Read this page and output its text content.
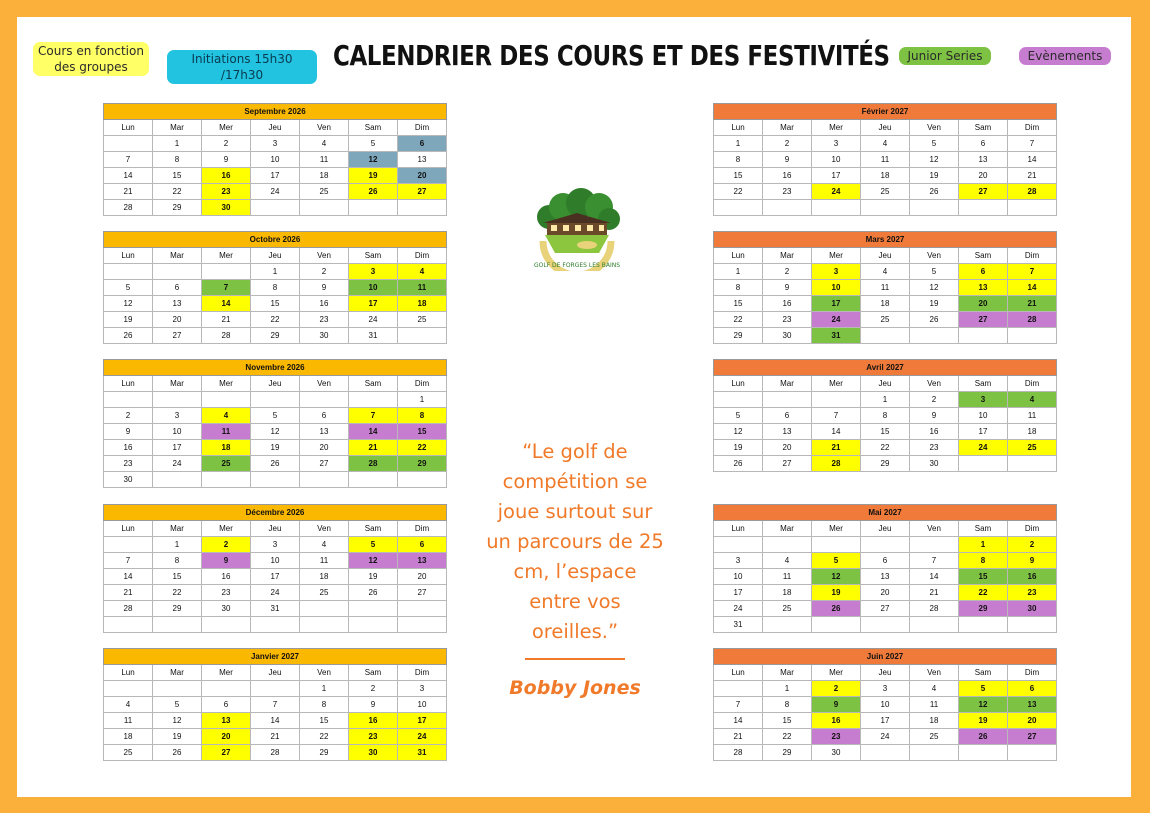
Cours en fonction des groupes
Initiations 15h30 /17h30
CALENDRIER DES COURS ET DES FESTIVITÉS	Junior Series	Evènements
Septembre 2026						
Lun	Mar	Mer	Jeu	Ven	Sam	Dim
	1	2	3	4	5	6
7	8	9	10	11	12	13
14	15	16	17	18	19	20
21	22	23	24	25	26	27
28	29	30				
Octobre 2026						
Lun	Mar	Mer	Jeu	Ven	Sam	Dim
			1	2	3	4
5	6	7	8	9	10	11
12	13	14	15	16	17	18
19	20	21	22	23	24	25
26	27	28	29	30	31	
Novembre 2026						
Lun	Mar	Mer	Jeu	Ven	Sam	Dim
						1
2	3	4	5	6	7	8
9	10	11	12	13	14	15
16	17	18	19	20	21	22
23	24	25	26	27	28	29
30						
Décembre 2026						
Lun	Mar	Mer	Jeu	Ven	Sam	Dim
	1	2	3	4	5	6
7	8	9	10	11	12	13
14	15	16	17	18	19	20
21	22	23	24	25	26	27
28	29	30	31			

Janvier 2027						
Lun	Mar	Mer	Jeu	Ven	Sam	Dim
				1	2	3
4	5	6	7	8	9	10
11	12	13	14	15	16	17
18	19	20	21	22	23	24
25	26	27	28	29	30	31
Février 2027						
Lun	Mar	Mer	Jeu	Ven	Sam	Dim
1	2	3	4	5	6	7
8	9	10	11	12	13	14
15	16	17	18	19	20	21
22	23	24	25	26	27	28

Mars 2027						
Lun	Mar	Mer	Jeu	Ven	Sam	Dim
1	2	3	4	5	6	7
8	9	10	11	12	13	14
15	16	17	18	19	20	21
22	23	24	25	26	27	28
29	30	31				
Avril 2027						
Lun	Mar	Mer	Jeu	Ven	Sam	Dim
			1	2	3	4
5	6	7	8	9	10	11
12	13	14	15	16	17	18
19	20	21	22	23	24	25
26	27	28	29	30		
Mai 2027						
Lun	Mar	Mer	Jeu	Ven	Sam	Dim
					1	2
3	4	5	6	7	8	9
10	11	12	13	14	15	16
17	18	19	20	21	22	23
24	25	26	27	28	29	30
31						
Juin 2027						
Lun	Mar	Mer	Jeu	Ven	Sam	Dim
	1	2	3	4	5	6
7	8	9	10	11	12	13
14	15	16	17	18	19	20
21	22	23	24	25	26	27
28	29	30				
GOLF DE FORGES LES BAINS
“Le golf de compétition se joue surtout sur un parcours de 25 cm, l’espace entre vos oreilles.”
Bobby Jones
